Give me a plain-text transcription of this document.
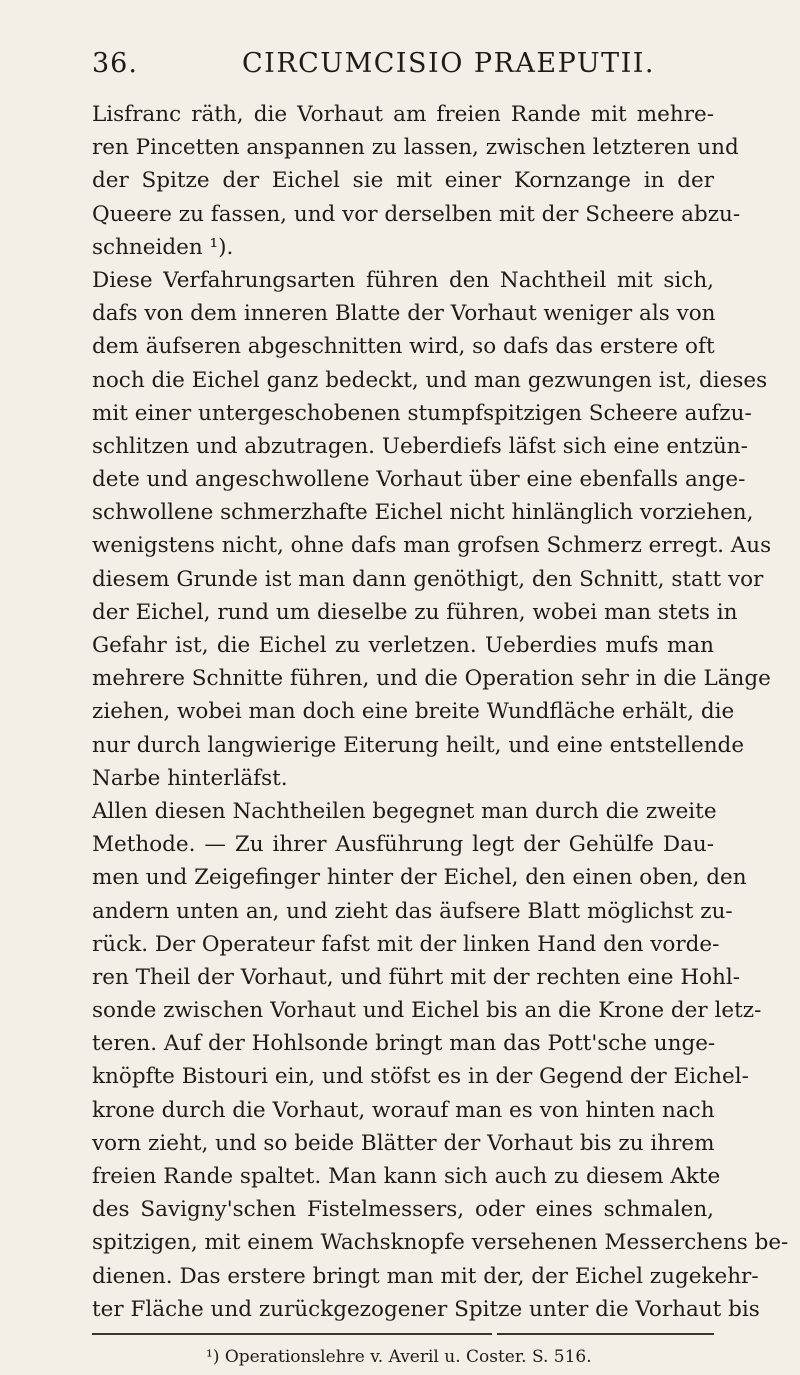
36.	CIRCUMCISIO PRAEPUTII.
Lisfranc räth, die Vorhaut am freien Rande mit mehre-
ren Pincetten anspannen zu lassen, zwischen letzteren und
der Spitze der Eichel sie mit einer Kornzange in der
Queere zu fassen, und vor derselben mit der Scheere abzu-
schneiden ¹).
Diese Verfahrungsarten führen den Nachtheil mit sich,
dafs von dem inneren Blatte der Vorhaut weniger als von
dem äufseren abgeschnitten wird, so dafs das erstere oft
noch die Eichel ganz bedeckt, und man gezwungen ist, dieses
mit einer untergeschobenen stumpfspitzigen Scheere aufzu-
schlitzen und abzutragen. Ueberdiefs läfst sich eine entzün-
dete und angeschwollene Vorhaut über eine ebenfalls ange-
schwollene schmerzhafte Eichel nicht hinlänglich vorziehen,
wenigstens nicht, ohne dafs man grofsen Schmerz erregt. Aus
diesem Grunde ist man dann genöthigt, den Schnitt, statt vor
der Eichel, rund um dieselbe zu führen, wobei man stets in
Gefahr ist, die Eichel zu verletzen. Ueberdies mufs man
mehrere Schnitte führen, und die Operation sehr in die Länge
ziehen, wobei man doch eine breite Wundfläche erhält, die
nur durch langwierige Eiterung heilt, und eine entstellende
Narbe hinterläfst.
Allen diesen Nachtheilen begegnet man durch die zweite
Methode. — Zu ihrer Ausführung legt der Gehülfe Dau-
men und Zeigefinger hinter der Eichel, den einen oben, den
andern unten an, und zieht das äufsere Blatt möglichst zu-
rück. Der Operateur fafst mit der linken Hand den vorde-
ren Theil der Vorhaut, und führt mit der rechten eine Hohl-
sonde zwischen Vorhaut und Eichel bis an die Krone der letz-
teren. Auf der Hohlsonde bringt man das Pott'sche unge-
knöpfte Bistouri ein, und stöfst es in der Gegend der Eichel-
krone durch die Vorhaut, worauf man es von hinten nach
vorn zieht, und so beide Blätter der Vorhaut bis zu ihrem
freien Rande spaltet. Man kann sich auch zu diesem Akte
des Savigny'schen Fistelmessers, oder eines schmalen,
spitzigen, mit einem Wachsknopfe versehenen Messerchens be-
dienen. Das erstere bringt man mit der, der Eichel zugekehr-
ter Fläche und zurückgezogener Spitze unter die Vorhaut bis
¹) Operationslehre v. Averil u. Coster. S. 516.
